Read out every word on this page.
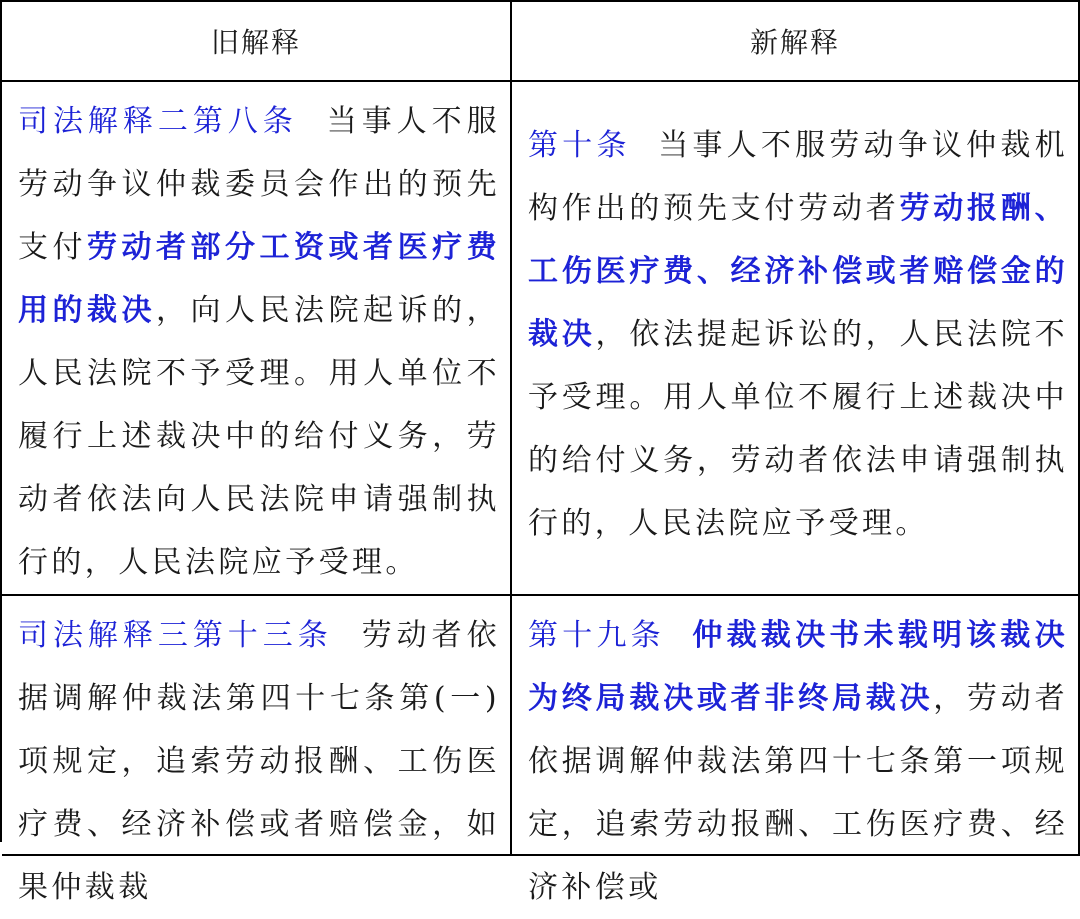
旧解释	新解释

司法解释二第八条 当事人不服劳动争议仲裁委员会作出的预先支付劳动者部分工资或者医疗费用的裁决，向人民法院起诉的，人民法院不予受理。用人单位不履行上述裁决中的给付义务，劳动者依法向人民法院申请强制执行的，人民法院应予受理。

第十条 当事人不服劳动争议仲裁机构作出的预先支付劳动者劳动报酬、工伤医疗费、经济补偿或者赔偿金的裁决，依法提起诉讼的，人民法院不予受理。用人单位不履行上述裁决中的给付义务，劳动者依法申请强制执行的，人民法院应予受理。

司法解释三第十三条 劳动者依据调解仲裁法第四十七条第(一)项规定，追索劳动报酬、工伤医疗费、经济补偿或者赔偿金，如果仲裁裁

第十九条 仲裁裁决书未载明该裁决为终局裁决或者非终局裁决，劳动者依据调解仲裁法第四十七条第一项规定，追索劳动报酬、工伤医疗费、经济补偿或
